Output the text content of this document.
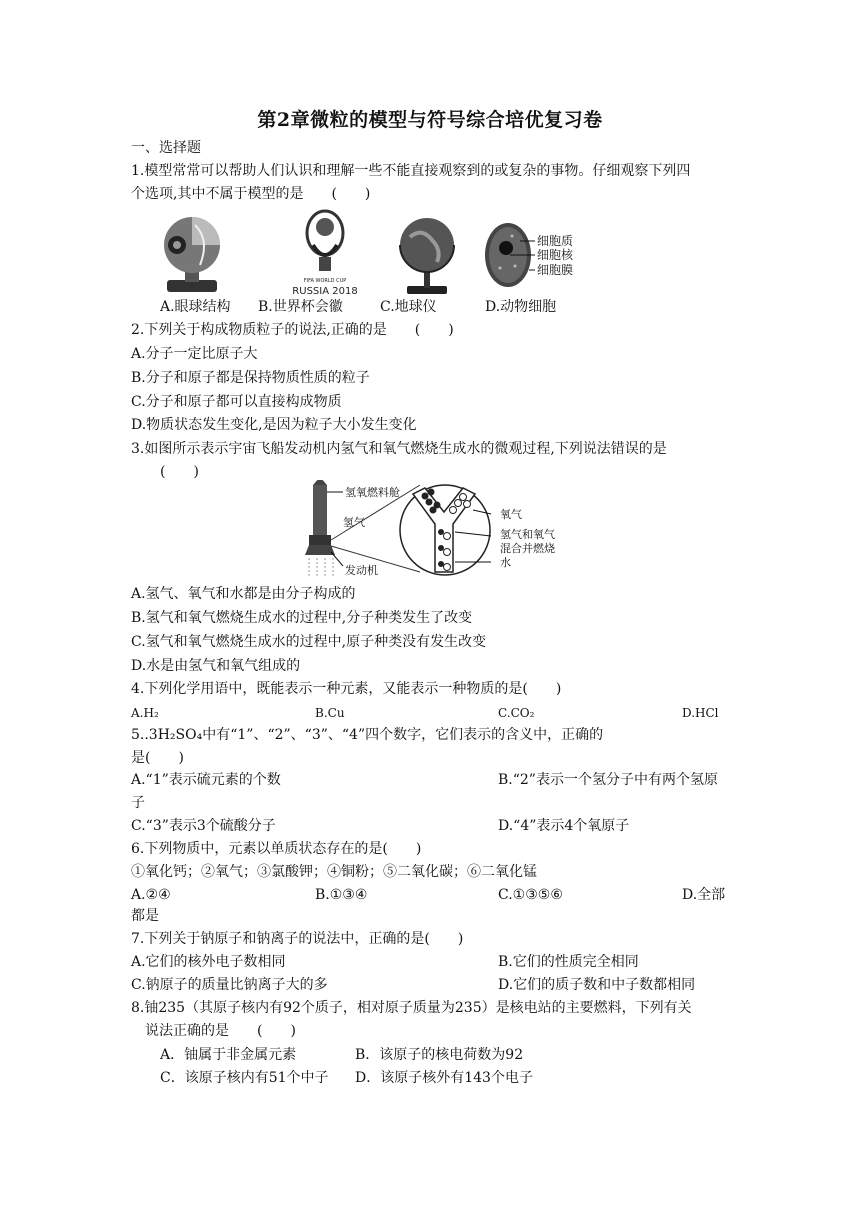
第2章微粒的模型与符号综合培优复习卷
一、选择题
1.模型常常可以帮助人们认识和理解一些不能直接观察到的或复杂的事物。仔细观察下列四
个选项,其中不属于模型的是　　(　　)
FIFA WORLD CUP
RUSSIA 2018
细胞质
细胞核
细胞膜
A.眼球结构 B.世界杯会徽	C.地球仪	D.动物细胞
2.下列关于构成物质粒子的说法,正确的是　　(　　)
A.分子一定比原子大
B.分子和原子都是保持物质性质的粒子
C.分子和原子都可以直接构成物质
D.物质状态发生变化,是因为粒子大小发生变化
3.如图所示表示宇宙飞船发动机内氢气和氧气燃烧生成水的微观过程,下列说法错误的是
(　　)
氢氧燃料舱
氢气
发动机
氧气
氢气和氧气
混合并燃烧
水
A.氢气、氧气和水都是由分子构成的
B.氢气和氧气燃烧生成水的过程中,分子种类发生了改变
C.氢气和氧气燃烧生成水的过程中,原子种类没有发生改变
D.水是由氢气和氧气组成的
4.下列化学用语中，既能表示一种元素，又能表示一种物质的是(　　)
A.H₂	B.Cu	C.CO₂	D.HCl
5..3H₂SO₄中有“1”、“2”、“3”、“4”四个数字，它们表示的含义中，正确的
是(　　)
A.“1”表示硫元素的个数	B.“2”表示一个氢分子中有两个氢原
子
C.“3”表示3个硫酸分子	D.“4”表示4个氧原子
6.下列物质中，元素以单质状态存在的是(　　)
①氧化钙；②氧气；③氯酸钾；④铜粉；⑤二氧化碳；⑥二氧化锰
A.②④	B.①③④	C.①③⑤⑥	D.全部
都是
7.下列关于钠原子和钠离子的说法中，正确的是(　　)
A.它们的核外电子数相同	B.它们的性质完全相同
C.钠原子的质量比钠离子大的多	D.它们的质子数和中子数都相同
8.铀235（其原子核内有92个质子，相对原子质量为235）是核电站的主要燃料，下列有关
说法正确的是　　(　　)
A．铀属于非金属元素	B．该原子的核电荷数为92
C．该原子核内有51个中子 D．该原子核外有143个电子
